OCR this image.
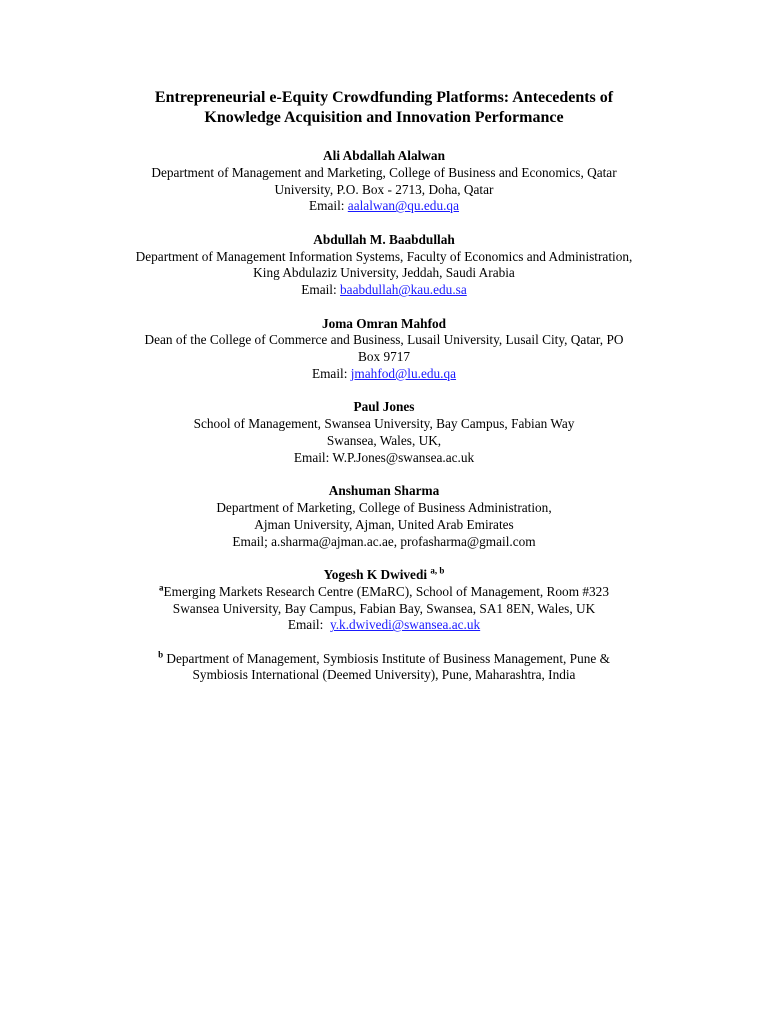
Entrepreneurial e-Equity Crowdfunding Platforms: Antecedents of
Knowledge Acquisition and Innovation Performance
Ali Abdallah Alalwan
Department of Management and Marketing, College of Business and Economics, Qatar
University, P.O. Box - 2713, Doha, Qatar
Email: aalalwan@qu.edu.qa
Abdullah M. Baabdullah
Department of Management Information Systems, Faculty of Economics and Administration,
King Abdulaziz University, Jeddah, Saudi Arabia
Email: baabdullah@kau.edu.sa
Joma Omran Mahfod
Dean of the College of Commerce and Business, Lusail University, Lusail City, Qatar, PO
Box 9717
Email: jmahfod@lu.edu.qa
Paul Jones
School of Management, Swansea University, Bay Campus, Fabian Way
Swansea, Wales, UK,
Email: W.P.Jones@swansea.ac.uk
Anshuman Sharma
Department of Marketing, College of Business Administration,
Ajman University, Ajman, United Arab Emirates
Email; a.sharma@ajman.ac.ae, profasharma@gmail.com
Yogesh K Dwivedi $^{a, b}$
$^a$Emerging Markets Research Centre (EMaRC), School of Management, Room #323
Swansea University, Bay Campus, Fabian Bay, Swansea, SA1 8EN, Wales, UK
Email:  y.k.dwivedi@swansea.ac.uk
$^b$ Department of Management, Symbiosis Institute of Business Management, Pune &
Symbiosis International (Deemed University), Pune, Maharashtra, India
